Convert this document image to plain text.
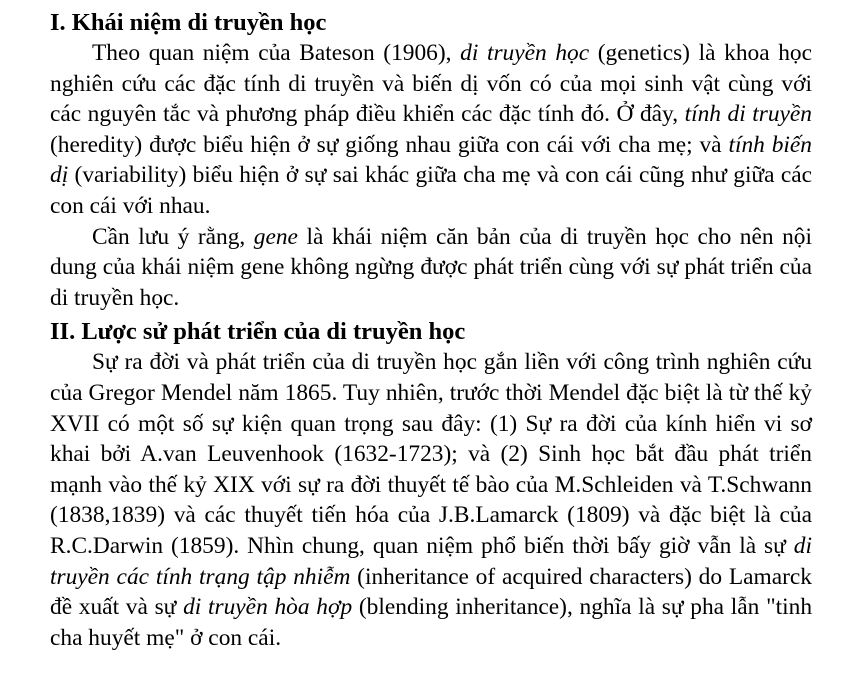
I. Khái niệm di truyền học

Theo quan niệm của Bateson (1906), di truyền học (genetics) là khoa học nghiên cứu các đặc tính di truyền và biến dị vốn có của mọi sinh vật cùng với các nguyên tắc và phương pháp điều khiển các đặc tính đó. Ở đây, tính di truyền (heredity) được biểu hiện ở sự giống nhau giữa con cái với cha mẹ; và tính biến dị (variability) biểu hiện ở sự sai khác giữa cha mẹ và con cái cũng như giữa các con cái với nhau.

Cần lưu ý rằng, gene là khái niệm căn bản của di truyền học cho nên nội dung của khái niệm gene không ngừng được phát triển cùng với sự phát triển của di truyền học.

II. Lược sử phát triển của di truyền học

Sự ra đời và phát triển của di truyền học gắn liền với công trình nghiên cứu của Gregor Mendel năm 1865. Tuy nhiên, trước thời Mendel đặc biệt là từ thế kỷ XVII có một số sự kiện quan trọng sau đây: (1) Sự ra đời của kính hiển vi sơ khai bởi A.van Leuvenhook (1632-1723); và (2) Sinh học bắt đầu phát triển mạnh vào thế kỷ XIX với sự ra đời thuyết tế bào của M.Schleiden và T.Schwann (1838,1839) và các thuyết tiến hóa của J.B.Lamarck (1809) và đặc biệt là của R.C.Darwin (1859). Nhìn chung, quan niệm phổ biến thời bấy giờ vẫn là sự di truyền các tính trạng tập nhiễm (inheritance of acquired characters) do Lamarck đề xuất và sự di truyền hòa hợp (blending inheritance), nghĩa là sự pha lẫn "tinh cha huyết mẹ" ở con cái.
